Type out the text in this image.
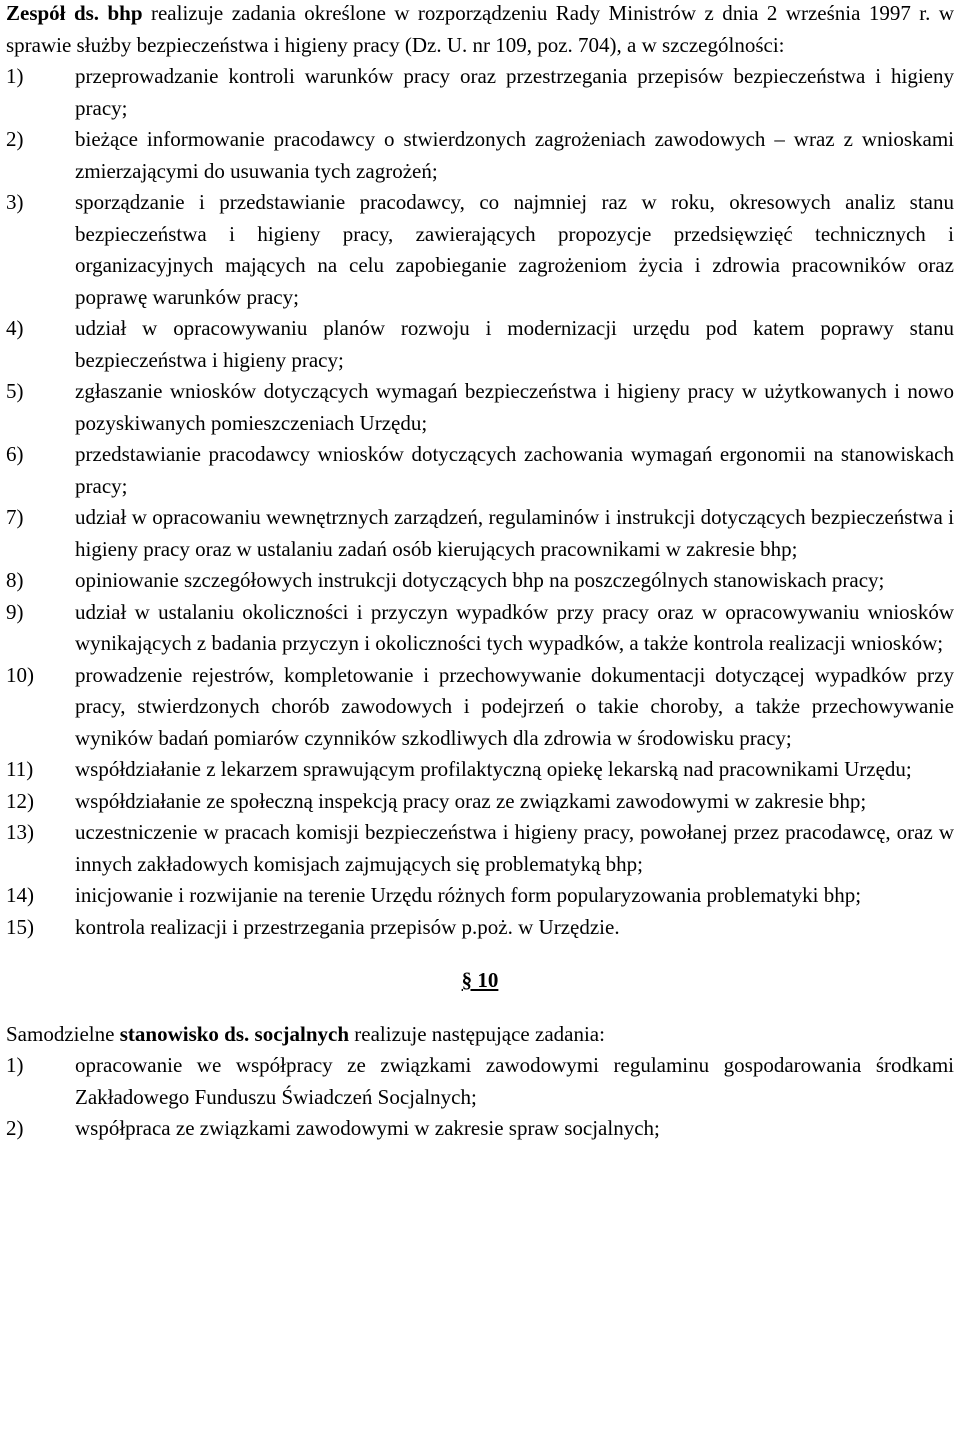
Zespół ds. bhp realizuje zadania określone w rozporządzeniu Rady Ministrów z dnia 2 września 1997 r. w sprawie służby bezpieczeństwa i higieny pracy (Dz. U. nr 109, poz. 704), a w szczególności:

1)	przeprowadzanie kontroli warunków pracy oraz przestrzegania przepisów bezpieczeństwa i higieny pracy;
2)	bieżące informowanie pracodawcy o stwierdzonych zagrożeniach zawodowych – wraz z wnioskami zmierzającymi do usuwania tych zagrożeń;
3)	sporządzanie i przedstawianie pracodawcy, co najmniej raz w roku, okresowych analiz stanu bezpieczeństwa i higieny pracy, zawierających propozycje przedsięwzięć technicznych i organizacyjnych mających na celu zapobieganie zagrożeniom życia i zdrowia pracowników oraz poprawę warunków pracy;
4)	udział w opracowywaniu planów rozwoju i modernizacji urzędu pod katem poprawy stanu bezpieczeństwa i higieny pracy;
5)	zgłaszanie wniosków dotyczących wymagań bezpieczeństwa i higieny pracy w użytkowanych i nowo pozyskiwanych pomieszczeniach Urzędu;
6)	przedstawianie pracodawcy wniosków dotyczących zachowania wymagań ergonomii na stanowiskach pracy;
7)	udział w opracowaniu wewnętrznych zarządzeń, regulaminów i instrukcji dotyczących bezpieczeństwa i higieny pracy oraz w ustalaniu zadań osób kierujących pracownikami w zakresie bhp;
8)	opiniowanie szczegółowych instrukcji dotyczących bhp na poszczególnych stanowiskach pracy;
9)	udział w ustalaniu okoliczności i przyczyn wypadków przy pracy oraz w opracowywaniu wniosków wynikających z badania przyczyn i okoliczności tych wypadków, a także kontrola realizacji wniosków;
10)	prowadzenie rejestrów, kompletowanie i przechowywanie dokumentacji dotyczącej wypadków przy pracy, stwierdzonych chorób zawodowych i podejrzeń o takie choroby, a także przechowywanie wyników badań pomiarów czynników szkodliwych dla zdrowia w środowisku pracy;
11)	współdziałanie z lekarzem sprawującym profilaktyczną opiekę lekarską nad pracownikami Urzędu;
12)	współdziałanie ze społeczną inspekcją pracy oraz ze związkami zawodowymi w zakresie bhp;
13)	uczestniczenie w pracach komisji bezpieczeństwa i higieny pracy, powołanej przez pracodawcę, oraz w innych zakładowych komisjach zajmujących się problematyką bhp;
14)	inicjowanie i rozwijanie na terenie Urzędu różnych form popularyzowania problematyki bhp;
15)	kontrola realizacji i przestrzegania przepisów p.poż. w Urzędzie.
§ 10

Samodzielne stanowisko ds. socjalnych realizuje następujące zadania:

1)	opracowanie we współpracy ze związkami zawodowymi regulaminu gospodarowania środkami Zakładowego Funduszu Świadczeń Socjalnych;
2)	współpraca ze związkami zawodowymi w zakresie spraw socjalnych;
